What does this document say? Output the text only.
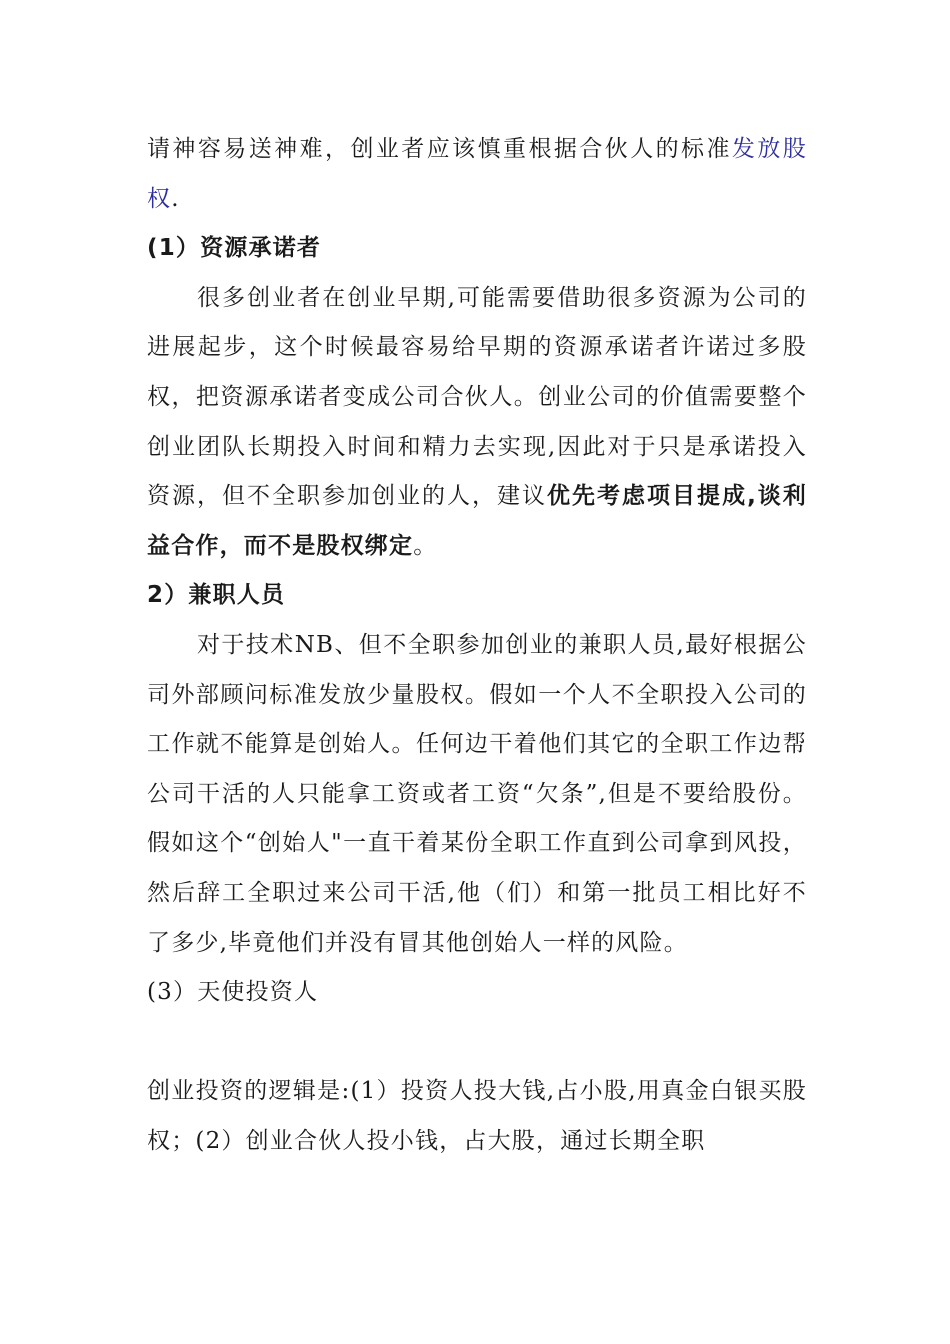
请神容易送神难，创业者应该慎重根据合伙人的标准发放股权.

(1）资源承诺者

很多创业者在创业早期,可能需要借助很多资源为公司的进展起步，这个时候最容易给早期的资源承诺者许诺过多股权，把资源承诺者变成公司合伙人。创业公司的价值需要整个创业团队长期投入时间和精力去实现,因此对于只是承诺投入资源，但不全职参加创业的人，建议优先考虑项目提成,谈利益合作，而不是股权绑定。

2）兼职人员

对于技术NB、但不全职参加创业的兼职人员,最好根据公司外部顾问标准发放少量股权。假如一个人不全职投入公司的工作就不能算是创始人。任何边干着他们其它的全职工作边帮公司干活的人只能拿工资或者工资“欠条”,但是不要给股份。假如这个“创始人"一直干着某份全职工作直到公司拿到风投，然后辞工全职过来公司干活,他（们）和第一批员工相比好不了多少,毕竟他们并没有冒其他创始人一样的风险。

(3）天使投资人

创业投资的逻辑是:(1）投资人投大钱,占小股,用真金白银买股权；(2）创业合伙人投小钱，占大股，通过长期全职
